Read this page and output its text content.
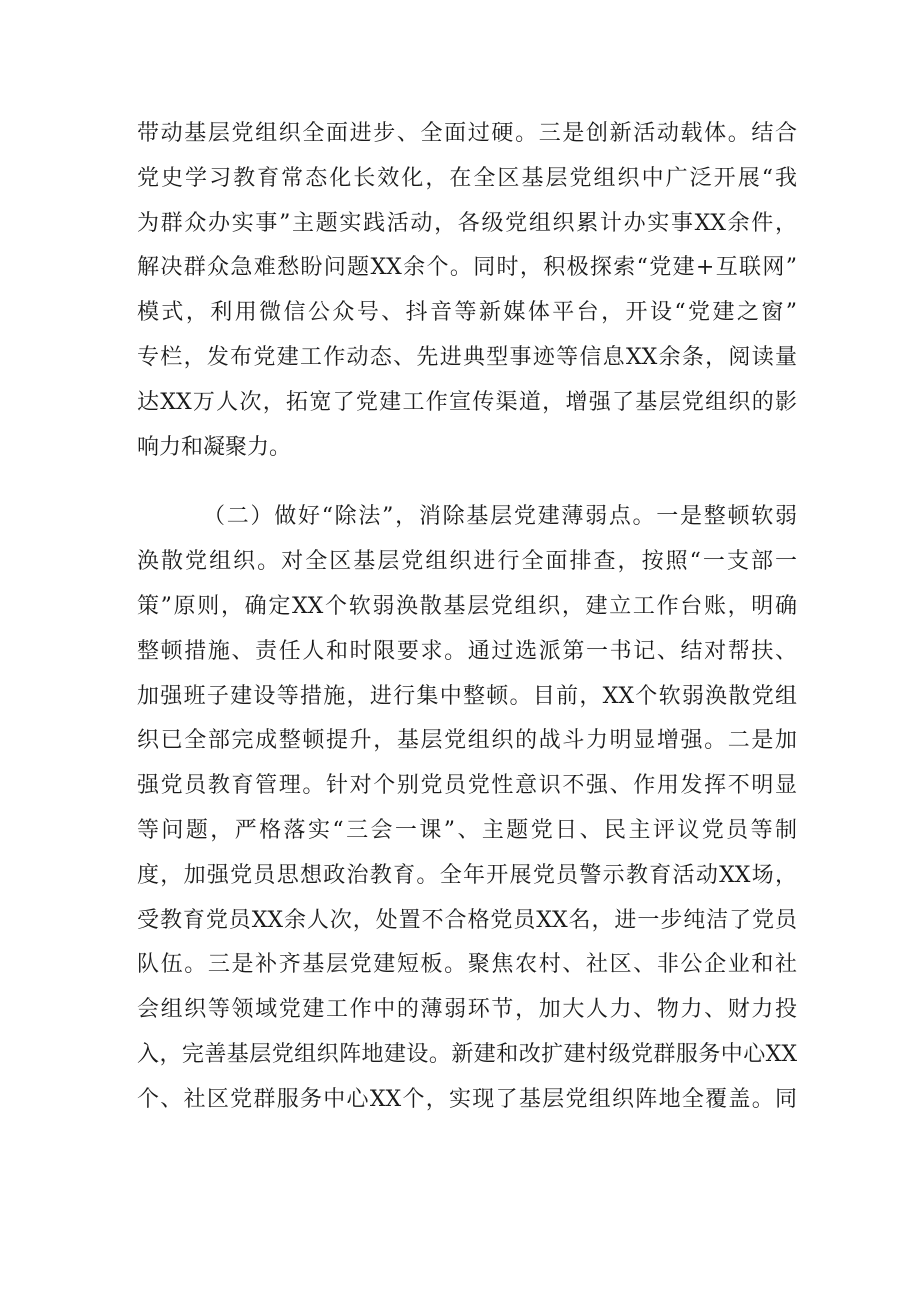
带动基层党组织全面进步、全面过硬。三是创新活动载体。结合
党史学习教育常态化长效化，在全区基层党组织中广泛开展“我
为群众办实事”主题实践活动，各级党组织累计办实事XX余件，
解决群众急难愁盼问题XX余个。同时，积极探索“党建+互联网”
模式，利用微信公众号、抖音等新媒体平台，开设“党建之窗”
专栏，发布党建工作动态、先进典型事迹等信息XX余条，阅读量
达XX万人次，拓宽了党建工作宣传渠道，增强了基层党组织的影
响力和凝聚力。
（二）做好“除法”，消除基层党建薄弱点。一是整顿软弱
涣散党组织。对全区基层党组织进行全面排查，按照“一支部一
策”原则，确定XX个软弱涣散基层党组织，建立工作台账，明确
整顿措施、责任人和时限要求。通过选派第一书记、结对帮扶、
加强班子建设等措施，进行集中整顿。目前，XX个软弱涣散党组
织已全部完成整顿提升，基层党组织的战斗力明显增强。二是加
强党员教育管理。针对个别党员党性意识不强、作用发挥不明显
等问题，严格落实“三会一课”、主题党日、民主评议党员等制
度，加强党员思想政治教育。全年开展党员警示教育活动XX场，
受教育党员XX余人次，处置不合格党员XX名，进一步纯洁了党员
队伍。三是补齐基层党建短板。聚焦农村、社区、非公企业和社
会组织等领域党建工作中的薄弱环节，加大人力、物力、财力投
入，完善基层党组织阵地建设。新建和改扩建村级党群服务中心XX
个、社区党群服务中心XX个，实现了基层党组织阵地全覆盖。同
